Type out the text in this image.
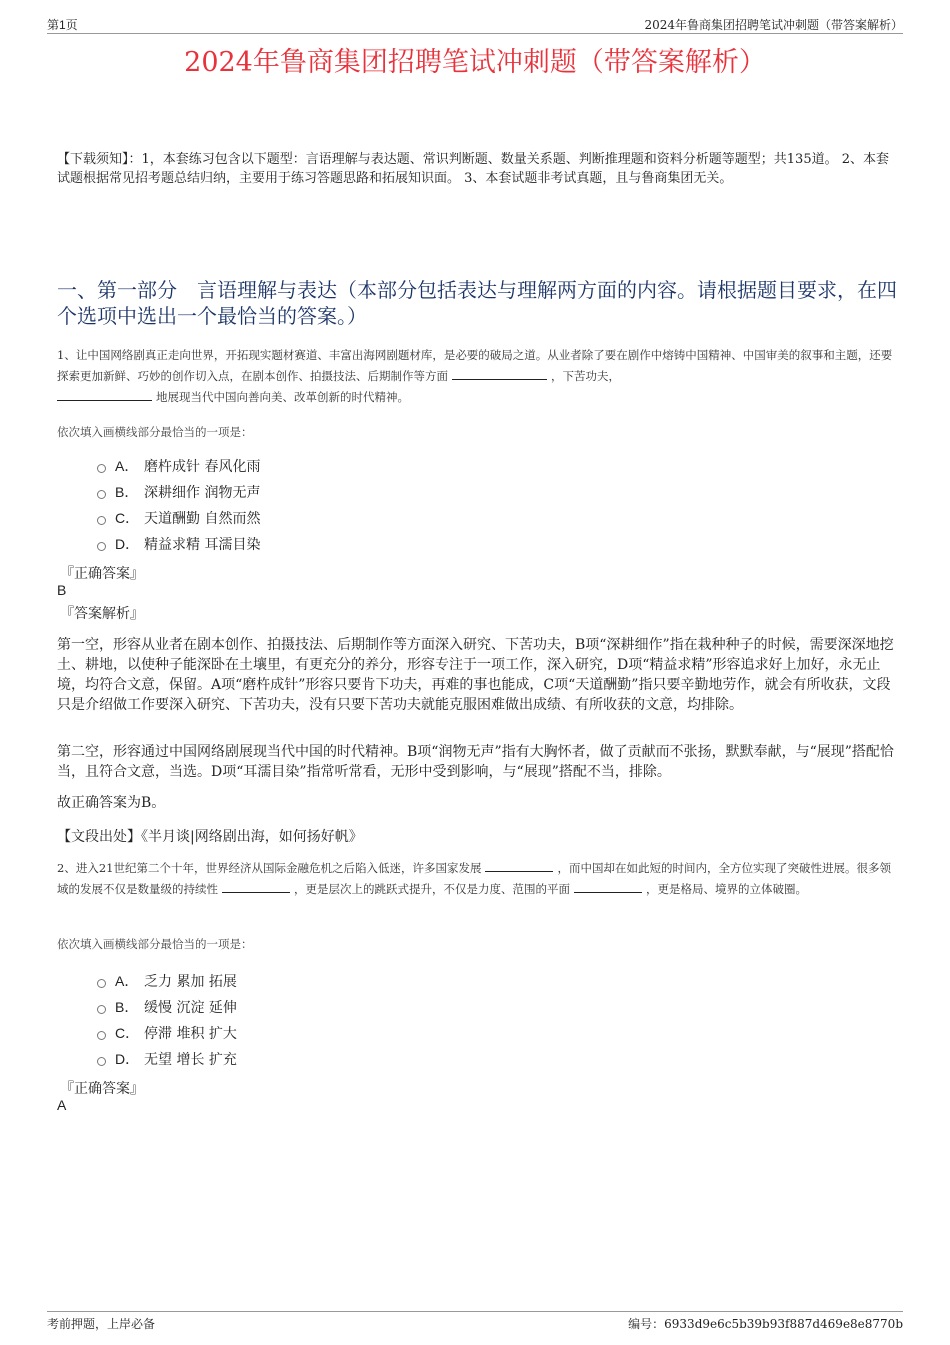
第1页	2024年鲁商集团招聘笔试冲刺题（带答案解析）
2024年鲁商集团招聘笔试冲刺题（带答案解析）
【下载须知】：1，本套练习包含以下题型：言语理解与表达题、常识判断题、数量关系题、判断推理题和资料分析题等题型；共135道。 2、本套试题根据常见招考题总结归纳，主要用于练习答题思路和拓展知识面。 3、本套试题非考试真题，且与鲁商集团无关。
一、第一部分　言语理解与表达（本部分包括表达与理解两方面的内容。请根据题目要求，在四个选项中选出一个最恰当的答案。）
1、让中国网络剧真正走向世界，开拓现实题材赛道、丰富出海网剧题材库，是必要的破局之道。从业者除了要在剧作中熔铸中国精神、中国审美的叙事和主题，还要探索更加新鲜、巧妙的创作切入点，在剧本创作、拍摄技法、后期制作等方面	，下苦功夫，
地展现当代中国向善向美、改革创新的时代精神。
依次填入画横线部分最恰当的一项是：
A． 磨杵成针 春风化雨
B． 深耕细作 润物无声
C． 天道酬勤 自然而然
D． 精益求精 耳濡目染
『正确答案』
B
『答案解析』
第一空，形容从业者在剧本创作、拍摄技法、后期制作等方面深入研究、下苦功夫，B项“深耕细作”指在栽种种子的时候，需要深深地挖土、耕地，以使种子能深卧在土壤里，有更充分的养分，形容专注于一项工作，深入研究，D项“精益求精”形容追求好上加好，永无止境，均符合文意，保留。A项“磨杵成针”形容只要肯下功夫，再难的事也能成，C项“天道酬勤”指只要辛勤地劳作，就会有所收获，文段只是介绍做工作要深入研究、下苦功夫，没有只要下苦功夫就能克服困难做出成绩、有所收获的文意，均排除。
第二空，形容通过中国网络剧展现当代中国的时代精神。B项“润物无声”指有大胸怀者，做了贡献而不张扬，默默奉献，与“展现”搭配恰当，且符合文意，当选。D项“耳濡目染”指常听常看，无形中受到影响，与“展现”搭配不当，排除。
故正确答案为B。
【文段出处】《半月谈|网络剧出海，如何扬好帆》
2、进入21世纪第二个十年，世界经济从国际金融危机之后陷入低迷，许多国家发展	，而中国却在如此短的时间内，全方位实现了突破性进展。很多领域的发展不仅是数量级的持续性	，更是层次上的跳跃式提升，不仅是力度、范围的平面	，更是格局、境界的立体破圈。
依次填入画横线部分最恰当的一项是：
A． 乏力 累加 拓展
B． 缓慢 沉淀 延伸
C． 停滞 堆积 扩大
D． 无望 增长 扩充
『正确答案』
A
考前押题，上岸必备	编号：6933d9e6c5b39b93f887d469e8e8770b
